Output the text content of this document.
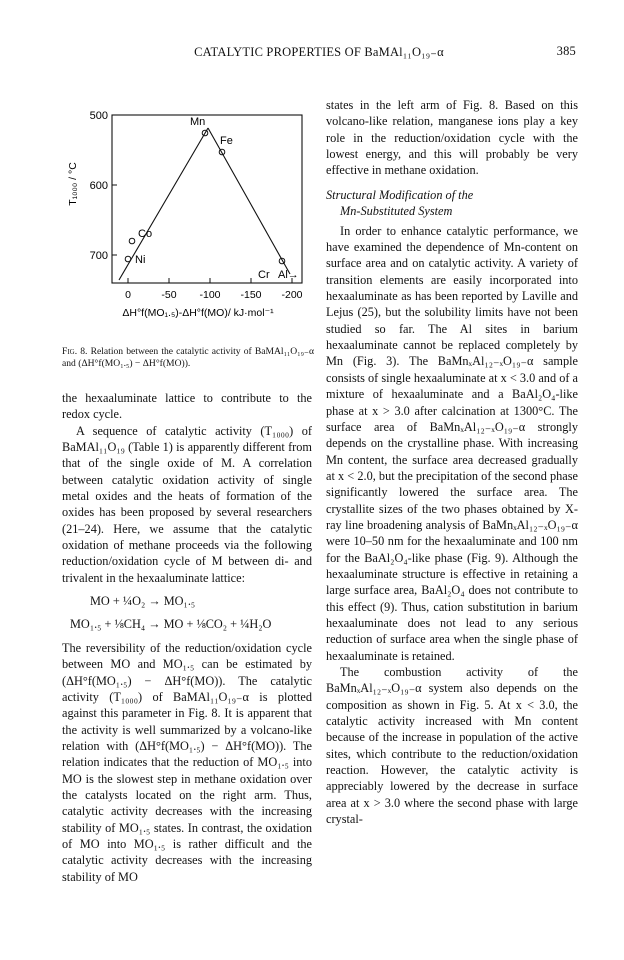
CATALYTIC PROPERTIES OF BaMAl₁₁O₁₉₋α	385
500
600
700
T₁₀₀₀ / °C
0	-50 -100 -150 -200
ΔH°f(MO₁.₅)-ΔH°f(MO)/ kJ·mol⁻¹
Mn
Fe
Co
Ni
Cr Al→
Fig. 8. Relation between the catalytic activity of BaMAl₁₁O₁₉₋α and (ΔH°f(MO₁.₅) − ΔH°f(MO)).

the hexaaluminate lattice to contribute to the redox cycle.

A sequence of catalytic activity (T₁₀₀₀) of BaMAl₁₁O₁₉ (Table 1) is apparently different from that of the single oxide of M. A correlation between catalytic oxidation activity of single metal oxides and the heats of formation of the oxides has been proposed by several researchers (21–24). Here, we assume that the catalytic oxidation of methane proceeds via the following reduction/oxidation cycle of M between di- and trivalent in the hexaaluminate lattice:

MO + ¼O₂ → MO₁.₅
MO₁.₅ + ⅛CH₄ → MO + ⅛CO₂ + ¼H₂O

The reversibility of the reduction/oxidation cycle between MO and MO₁.₅ can be estimated by (ΔH°f(MO₁.₅) − ΔH°f(MO)). The catalytic activity (T₁₀₀₀) of BaMAl₁₁O₁₉₋α is plotted against this parameter in Fig. 8. It is apparent that the activity is well summarized by a volcano-like relation with (ΔH°f(MO₁.₅) − ΔH°f(MO)). The relation indicates that the reduction of MO₁.₅ into MO is the slowest step in methane oxidation over the catalysts located on the right arm. Thus, catalytic activity decreases with the increasing stability of MO₁.₅ states. In contrast, the oxidation of MO into MO₁.₅ is rather difficult and the catalytic activity decreases with the increasing stability of MO

states in the left arm of Fig. 8. Based on this volcano-like relation, manganese ions play a key role in the reduction/oxidation cycle with the lowest energy, and this will probably be very effective in methane oxidation.

Structural Modification of the
Mn-Substituted System

In order to enhance catalytic performance, we have examined the dependence of Mn-content on surface area and on catalytic activity. A variety of transition elements are easily incorporated into hexaaluminate as has been reported by Laville and Lejus (25), but the solubility limits have not been studied so far. The Al sites in barium hexaaluminate cannot be replaced completely by Mn (Fig. 3). The BaMnₓAl₁₂₋ₓO₁₉₋α sample consists of single hexaaluminate at x < 3.0 and of a mixture of hexaaluminate and a BaAl₂O₄-like phase at x > 3.0 after calcination at 1300°C. The surface area of BaMnₓAl₁₂₋ₓO₁₉₋α strongly depends on the crystalline phase. With increasing Mn content, the surface area decreased gradually at x < 2.0, but the precipitation of the second phase significantly lowered the surface area. The crystallite sizes of the two phases obtained by X-ray line broadening analysis of BaMnₓAl₁₂₋ₓO₁₉₋α were 10–50 nm for the hexaaluminate and 100 nm for the BaAl₂O₄-like phase (Fig. 9). Although the hexaaluminate structure is effective in retaining a large surface area, BaAl₂O₄ does not contribute to this effect (9). Thus, cation substitution in barium hexaaluminate does not lead to any serious reduction of surface area when the single phase of hexaaluminate is retained.

The combustion activity of the BaMnₓAl₁₂₋ₓO₁₉₋α system also depends on the composition as shown in Fig. 5. At x < 3.0, the catalytic activity increased with Mn content because of the increase in population of the active sites, which contribute to the reduction/oxidation reaction. However, the catalytic activity is appreciably lowered by the decrease in surface area at x > 3.0 where the second phase with large crystal-
